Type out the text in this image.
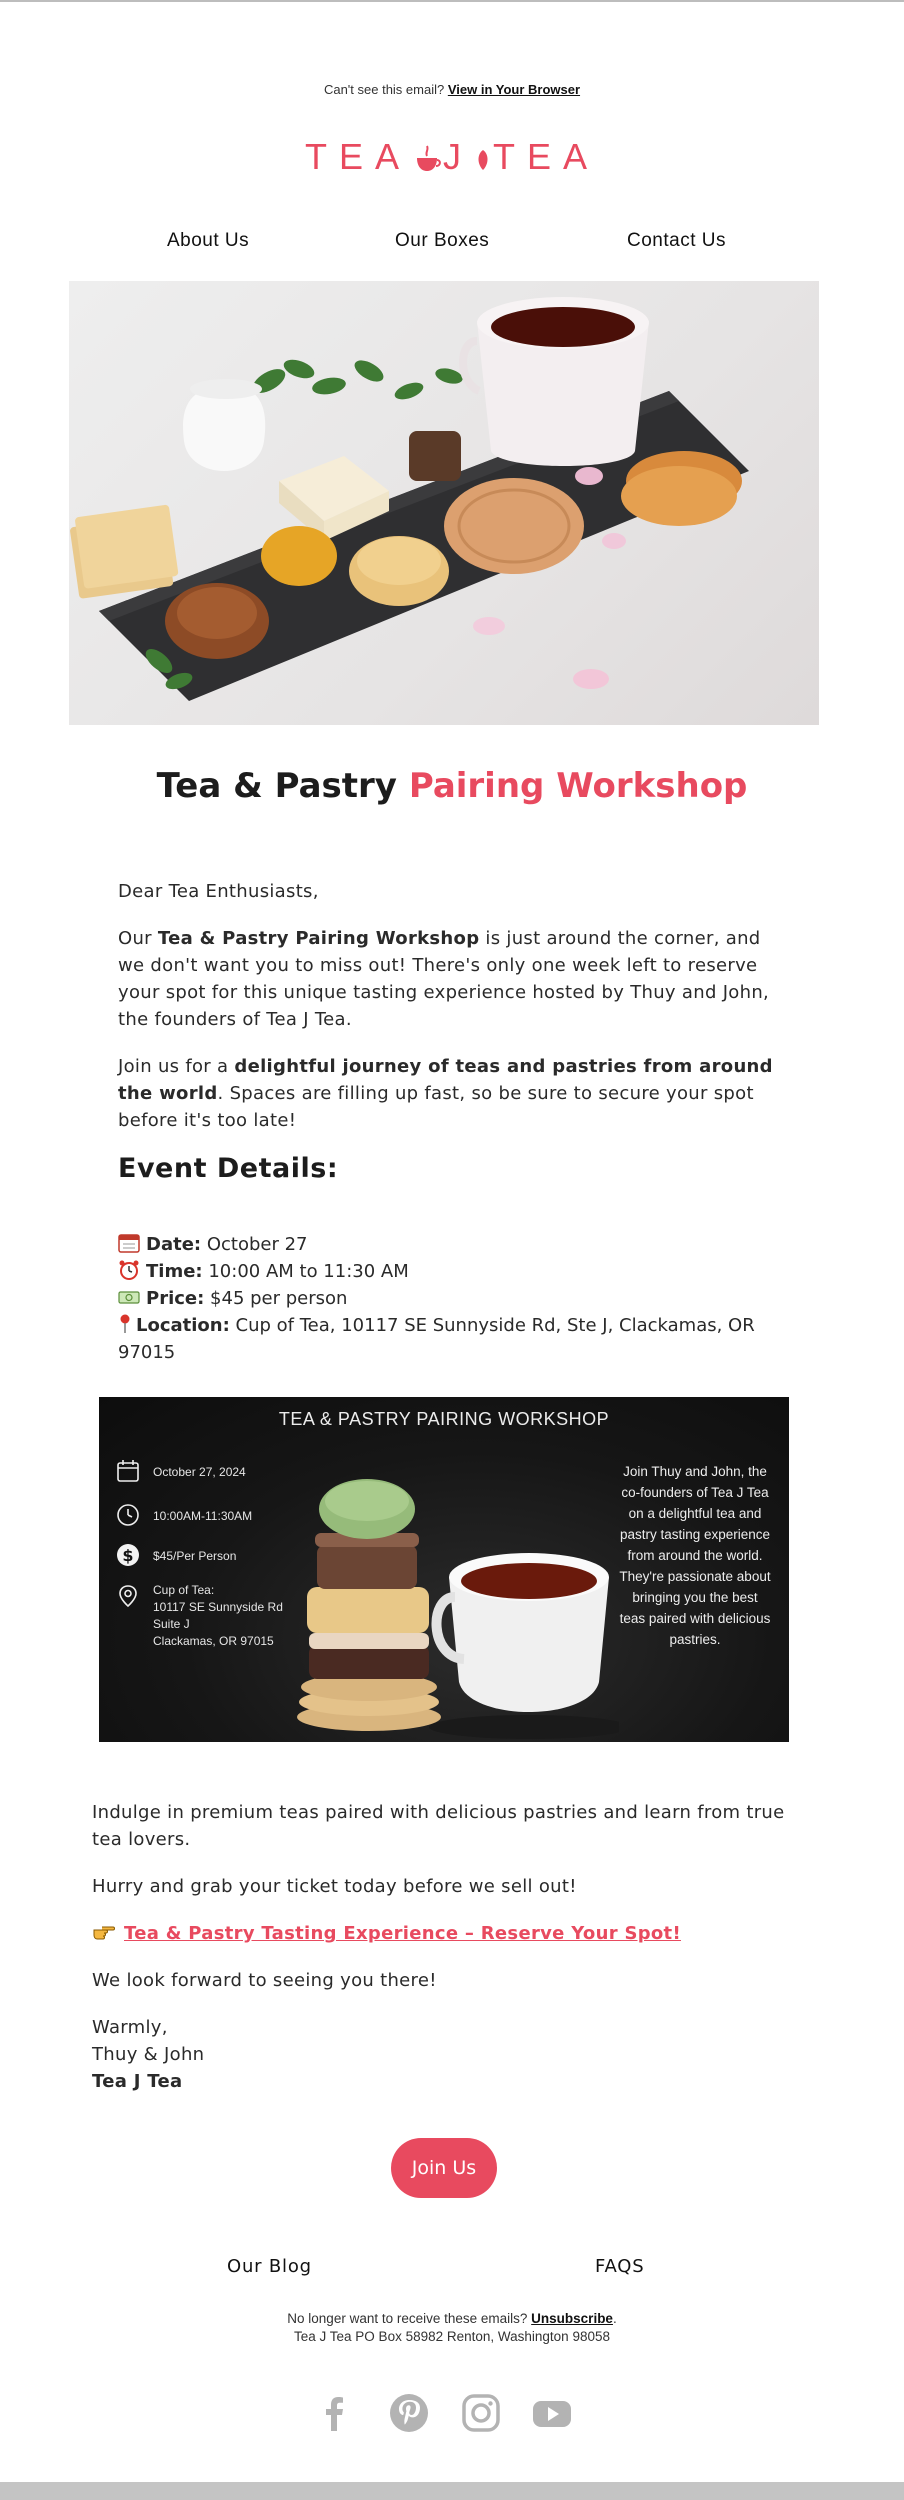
Can't see this email? View in Your Browser
TEA J TEA
About Us	Our Boxes	Contact Us
Tea & Pastry Pairing Workshop

Dear Tea Enthusiasts,

Our Tea & Pastry Pairing Workshop is just around the corner, and we don't want you to miss out! There's only one week left to reserve your spot for this unique tasting experience hosted by Thuy and John, the founders of Tea J Tea.

Join us for a delightful journey of teas and pastries from around the world. Spaces are filling up fast, so be sure to secure your spot before it's too late!

Event Details:
Date: October 27
Time: 10:00 AM to 11:30 AM
Price: $45 per person
Location: Cup of Tea, 10117 SE Sunnyside Rd, Ste J, Clackamas, OR 97015
TEA & PASTRY PAIRING WORKSHOP
October 27, 2024
10:00AM-11:30AM
$ $45/Per Person
Cup of Tea:
10117 SE Sunnyside Rd
Suite J
Clackamas, OR 97015
Join Thuy and John, the co-founders of Tea J Tea on a delightful tea and pastry tasting experience from around the world. They're passionate about bringing you the best teas paired with delicious pastries.

Indulge in premium teas paired with delicious pastries and learn from true tea lovers.

Hurry and grab your ticket today before we sell out!

Tea & Pastry Tasting Experience – Reserve Your Spot!

We look forward to seeing you there!

Warmly,

Thuy & John

Tea J Tea

Join Us
Our Blog	FAQS
No longer want to receive these emails? Unsubscribe.
Tea J Tea PO Box 58982 Renton, Washington 98058
